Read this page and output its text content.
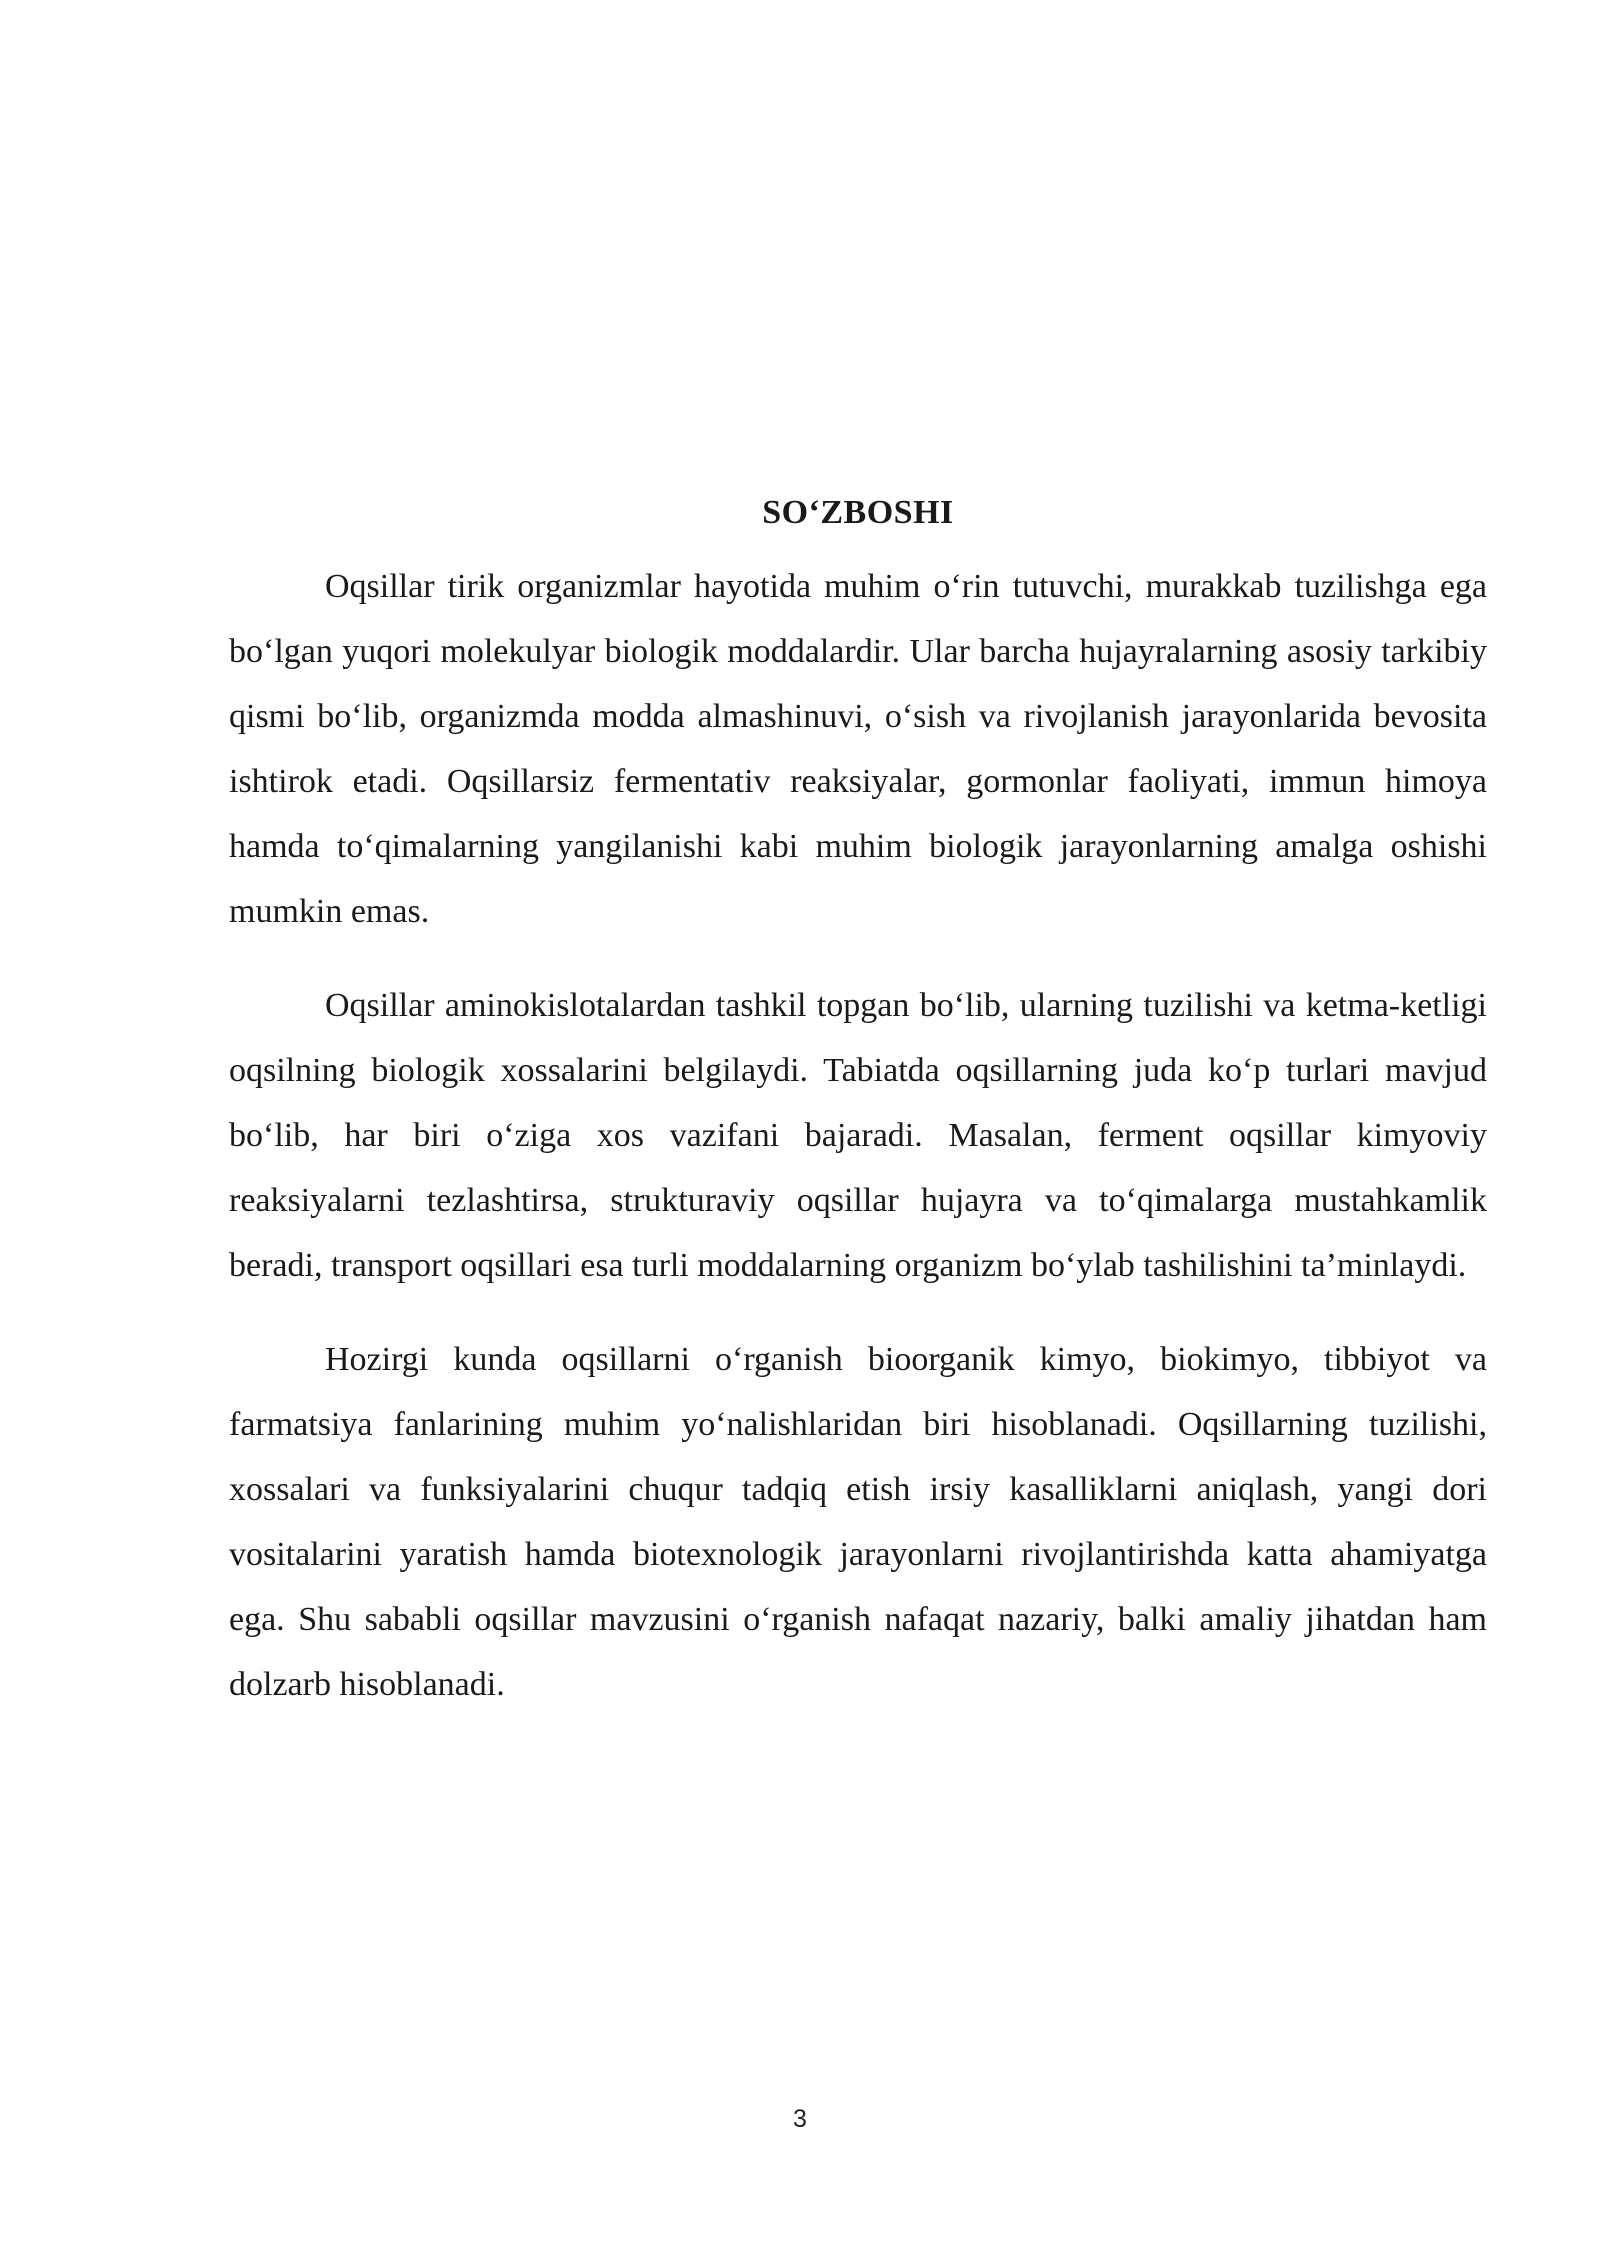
SO‘ZBOSHI

Oqsillar tirik organizmlar hayotida muhim o‘rin tutuvchi, murakkab tuzilishga ega bo‘lgan yuqori molekulyar biologik moddalardir. Ular barcha hujayralarning asosiy tarkibiy qismi bo‘lib, organizmda modda almashinuvi, o‘sish va rivojlanish jarayonlarida bevosita ishtirok etadi. Oqsillarsiz fermentativ reaksiyalar, gormonlar faoliyati, immun himoya hamda to‘qimalarning yangilanishi kabi muhim biologik jarayonlarning amalga oshishi mumkin emas.

Oqsillar aminokislotalardan tashkil topgan bo‘lib, ularning tuzilishi va ketma-ketligi oqsilning biologik xossalarini belgilaydi. Tabiatda oqsillarning juda ko‘p turlari mavjud bo‘lib, har biri o‘ziga xos vazifani bajaradi. Masalan, ferment oqsillar kimyoviy reaksiyalarni tezlashtirsa, strukturaviy oqsillar hujayra va to‘qimalarga mustahkamlik beradi, transport oqsillari esa turli moddalarning organizm bo‘ylab tashilishini ta’minlaydi.

Hozirgi kunda oqsillarni o‘rganish bioorganik kimyo, biokimyo, tibbiyot va farmatsiya fanlarining muhim yo‘nalishlaridan biri hisoblanadi. Oqsillarning tuzilishi, xossalari va funksiyalarini chuqur tadqiq etish irsiy kasalliklarni aniqlash, yangi dori vositalarini yaratish hamda biotexnologik jarayonlarni rivojlantirishda katta ahamiyatga ega. Shu sababli oqsillar mavzusini o‘rganish nafaqat nazariy, balki amaliy jihatdan ham dolzarb hisoblanadi.

3
